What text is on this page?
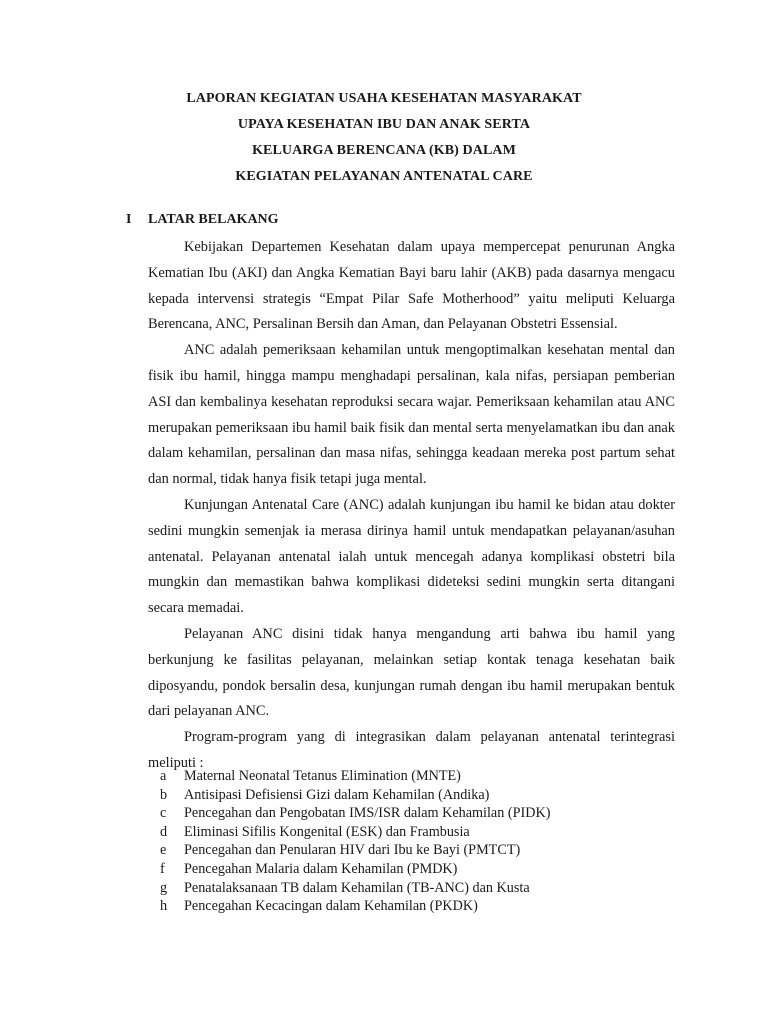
LAPORAN KEGIATAN USAHA KESEHATAN MASYARAKAT
UPAYA KESEHATAN IBU DAN ANAK SERTA
KELUARGA BERENCANA (KB) DALAM
KEGIATAN PELAYANAN ANTENATAL CARE
I LATAR BELAKANG

Kebijakan Departemen Kesehatan dalam upaya mempercepat penurunan Angka Kematian Ibu (AKI) dan Angka Kematian Bayi baru lahir (AKB) pada dasarnya mengacu kepada intervensi strategis “Empat Pilar Safe Motherhood” yaitu meliputi Keluarga Berencana, ANC, Persalinan Bersih dan Aman, dan Pelayanan Obstetri Essensial.

ANC adalah pemeriksaan kehamilan untuk mengoptimalkan kesehatan mental dan fisik ibu hamil, hingga mampu menghadapi persalinan, kala nifas, persiapan pemberian ASI dan kembalinya kesehatan reproduksi secara wajar. Pemeriksaan kehamilan atau ANC merupakan pemeriksaan ibu hamil baik fisik dan mental serta menyelamatkan ibu dan anak dalam kehamilan, persalinan dan masa nifas, sehingga keadaan mereka post partum sehat dan normal, tidak hanya fisik tetapi juga mental.

Kunjungan Antenatal Care (ANC) adalah kunjungan ibu hamil ke bidan atau dokter sedini mungkin semenjak ia merasa dirinya hamil untuk mendapatkan pelayanan/asuhan antenatal. Pelayanan antenatal ialah untuk mencegah adanya komplikasi obstetri bila mungkin dan memastikan bahwa komplikasi dideteksi sedini mungkin serta ditangani secara memadai.

Pelayanan ANC disini tidak hanya mengandung arti bahwa ibu hamil yang berkunjung ke fasilitas pelayanan, melainkan setiap kontak tenaga kesehatan baik diposyandu, pondok bersalin desa, kunjungan rumah dengan ibu hamil merupakan bentuk dari pelayanan ANC.

Program-program yang di integrasikan dalam pelayanan antenatal terintegrasi meliputi :

a	Maternal Neonatal Tetanus Elimination (MNTE)
b	Antisipasi Defisiensi Gizi dalam Kehamilan (Andika)
c	Pencegahan dan Pengobatan IMS/ISR dalam Kehamilan (PIDK)
d	Eliminasi Sifilis Kongenital (ESK) dan Frambusia
e	Pencegahan dan Penularan HIV dari Ibu ke Bayi (PMTCT)
f	Pencegahan Malaria dalam Kehamilan (PMDK)
g	Penatalaksanaan TB dalam Kehamilan (TB-ANC) dan Kusta
h	Pencegahan Kecacingan dalam Kehamilan (PKDK)
